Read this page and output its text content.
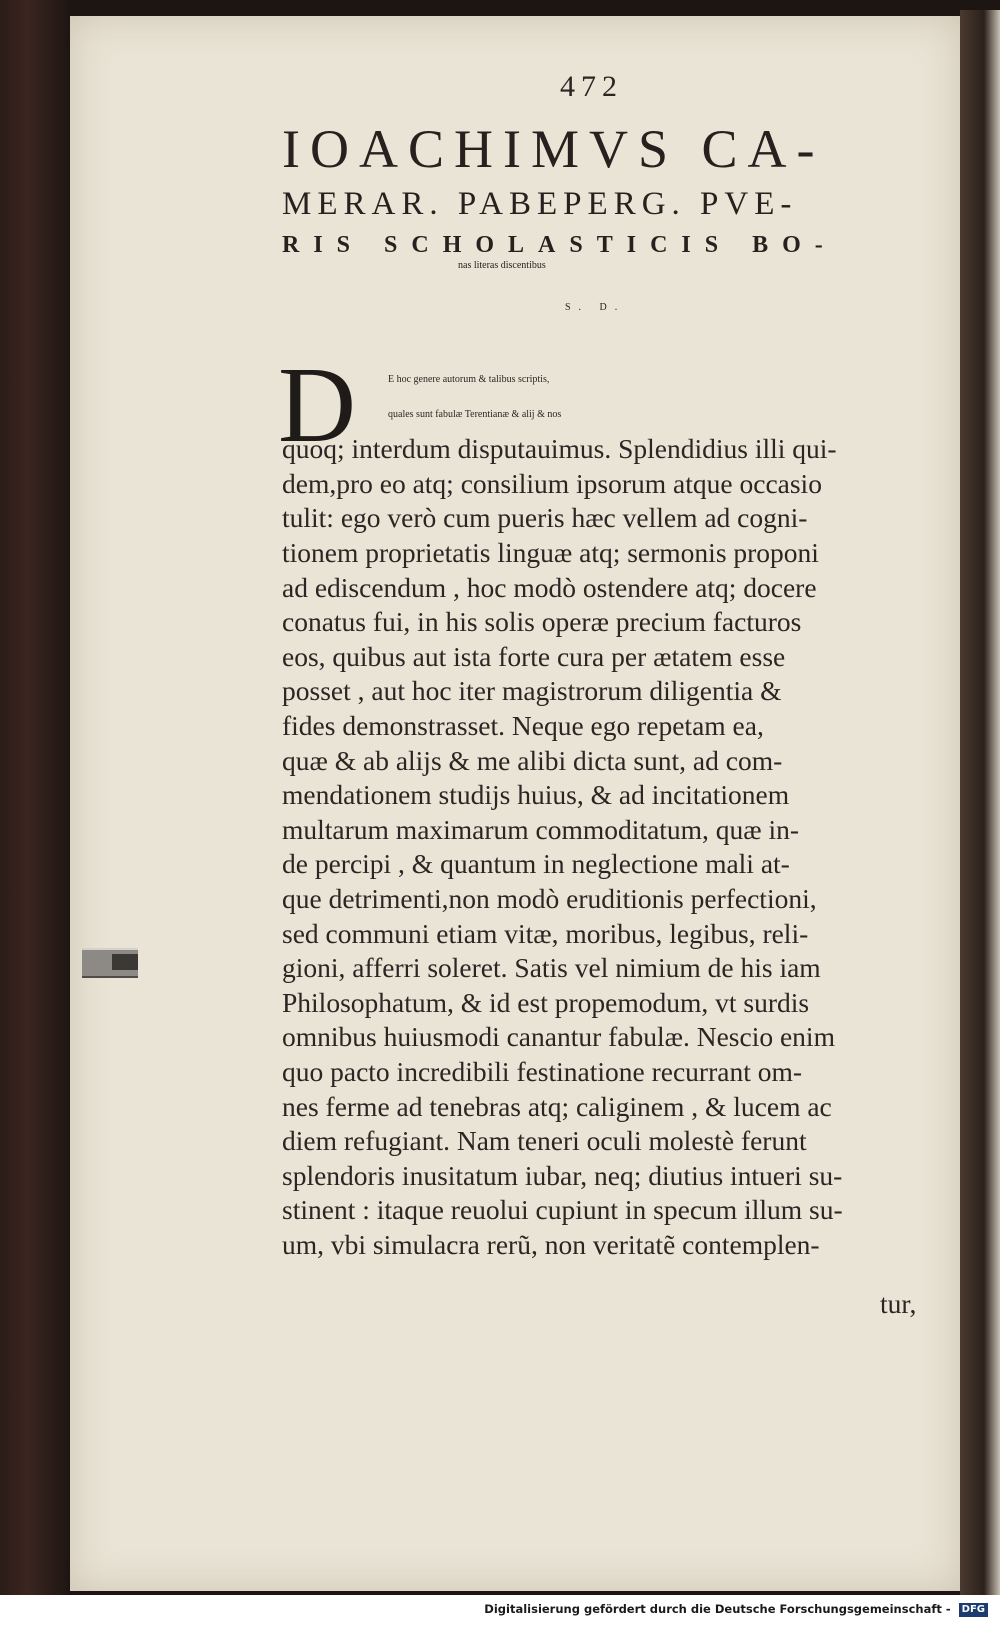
472
IOACHIMVS CA-
MERAR. PABEPERG. PVE-
RIS SCHOLASTICIS BO-
nas literas discentibus
S. D.
D	E hoc genere autorum & talibus scriptis,
quales sunt fabulæ Terentianæ & alij & nos
quoq; interdum disputauimus. Splendidius illi qui-
dem,pro eo atq; consilium ipsorum atque occasio
tulit: ego verò cum pueris hæc vellem ad cogni-
tionem proprietatis linguæ atq; sermonis proponi
ad ediscendum , hoc modò ostendere atq; docere
conatus fui, in his solis operæ precium facturos
eos, quibus aut ista forte cura per ætatem esse
posset , aut hoc iter magistrorum diligentia &
fides demonstrasset. Neque ego repetam ea,
quæ & ab alijs & me alibi dicta sunt, ad com-
mendationem studijs huius, & ad incitationem
multarum maximarum commoditatum, quæ in-
de percipi , & quantum in neglectione mali at-
que detrimenti,non modò eruditionis perfectioni,
sed communi etiam vitæ, moribus, legibus, reli-
gioni, afferri soleret. Satis vel nimium de his iam
Philosophatum, & id est propemodum, vt surdis
omnibus huiusmodi canantur fabulæ. Nescio enim
quo pacto incredibili festinatione recurrant om-
nes ferme ad tenebras atq; caliginem , & lucem ac
diem refugiant. Nam teneri oculi molestè ferunt
splendoris inusitatum iubar, neq; diutius intueri su-
stinent : itaque reuolui cupiunt in specum illum su-
um, vbi simulacra rerũ, non veritatẽ contemplen-
tur,
Digitalisierung gefördert durch die Deutsche Forschungsgemeinschaft - DFG
